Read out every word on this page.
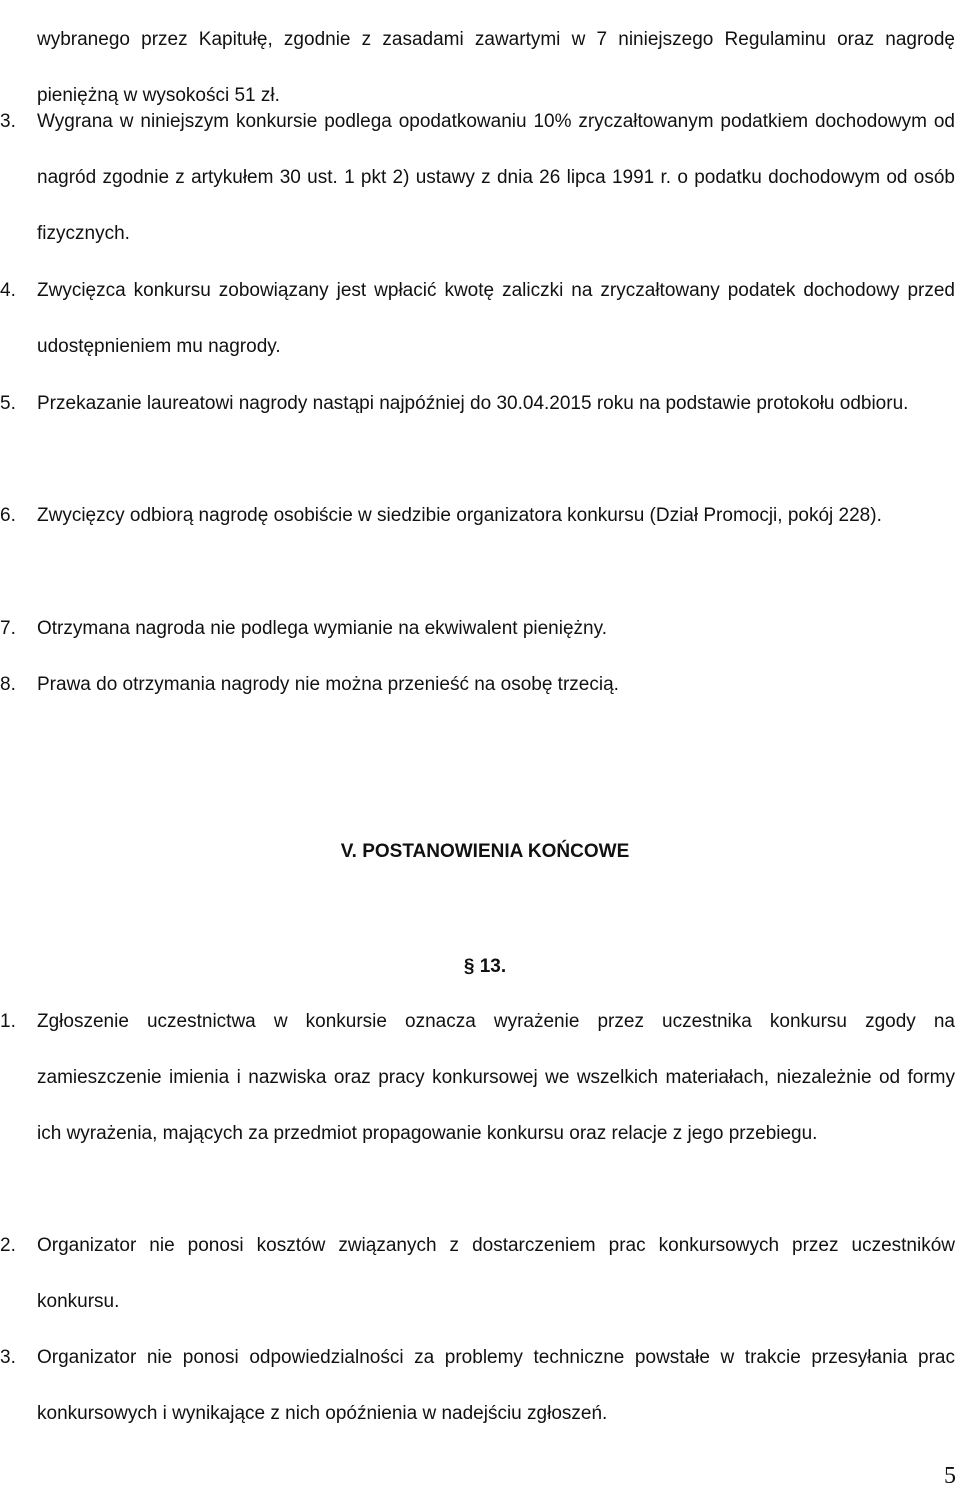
wybranego przez Kapitułę, zgodnie z zasadami zawartymi w 7 niniejszego Regulaminu oraz nagrodę pieniężną w wysokości 51 zł.
3.	Wygrana w niniejszym konkursie podlega opodatkowaniu 10% zryczałtowanym podatkiem dochodowym od nagród zgodnie z artykułem 30 ust. 1 pkt 2) ustawy z dnia 26 lipca 1991 r. o podatku dochodowym od osób fizycznych.
4.	Zwycięzca konkursu zobowiązany jest wpłacić kwotę zaliczki na zryczałtowany podatek dochodowy przed udostępnieniem mu nagrody.
5.	Przekazanie laureatowi nagrody nastąpi najpóźniej do 30.04.2015 roku na podstawie protokołu odbioru.
6.	Zwycięzcy odbiorą nagrodę osobiście w siedzibie organizatora konkursu (Dział Promocji, pokój 228).
7.	Otrzymana nagroda nie podlega wymianie na ekwiwalent pieniężny.
8.	Prawa do otrzymania nagrody nie można przenieść na osobę trzecią.
V. POSTANOWIENIA KOŃCOWE
§ 13.
1.	Zgłoszenie uczestnictwa w konkursie oznacza wyrażenie przez uczestnika konkursu zgody na zamieszczenie imienia i nazwiska oraz pracy konkursowej we wszelkich materiałach, niezależnie od formy ich wyrażenia, mających za przedmiot propagowanie konkursu oraz relacje z jego przebiegu.
2.	Organizator nie ponosi kosztów związanych z dostarczeniem prac konkursowych przez uczestników konkursu.
3.	Organizator nie ponosi odpowiedzialności za problemy techniczne powstałe w trakcie przesyłania prac konkursowych i wynikające z nich opóźnienia w nadejściu zgłoszeń.
5
